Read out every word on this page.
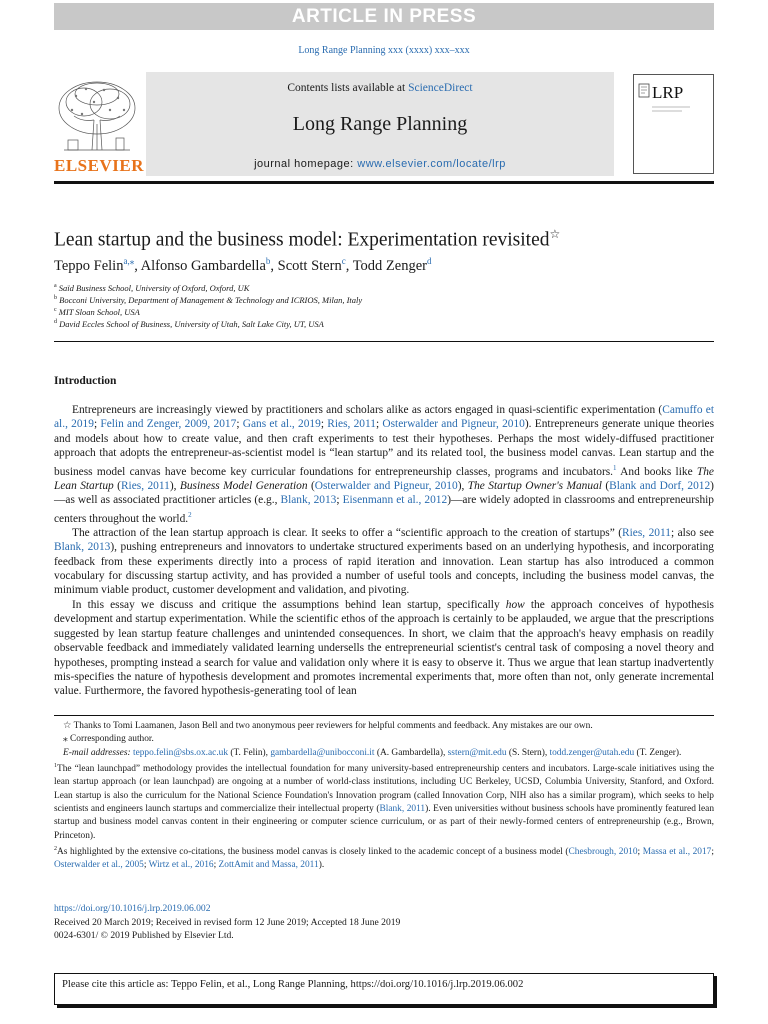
ARTICLE IN PRESS
Long Range Planning xxx (xxxx) xxx–xxx
ELSEVIER
Contents lists available at ScienceDirect
Long Range Planning
journal homepage: www.elsevier.com/locate/lrp
LRP
Lean startup and the business model: Experimentation revisited☆
Teppo Felin$^{a,⁎}$, Alfonso Gambardella$^b$, Scott Stern$^c$, Todd Zenger$^d$
$^a$ Saïd Business School, University of Oxford, Oxford, UK
$^b$ Bocconi University, Department of Management & Technology and ICRIOS, Milan, Italy
$^c$ MIT Sloan School, USA
$^d$ David Eccles School of Business, University of Utah, Salt Lake City, UT, USA
Introduction

Entrepreneurs are increasingly viewed by practitioners and scholars alike as actors engaged in quasi-scientific experimentation (Camuffo et al., 2019; Felin and Zenger, 2009, 2017; Gans et al., 2019; Ries, 2011; Osterwalder and Pigneur, 2010). Entrepreneurs generate unique theories and models about how to create value, and then craft experiments to test their hypotheses. Perhaps the most widely-diffused practitioner approach that adopts the entrepreneur-as-scientist model is “lean startup” and its related tool, the business model canvas. Lean startup and the business model canvas have become key curricular foundations for entrepreneurship classes, programs and incubators.$^1$ And books like The Lean Startup (Ries, 2011), Business Model Generation (Osterwalder and Pigneur, 2010), The Startup Owner's Manual (Blank and Dorf, 2012)—as well as associated practitioner articles (e.g., Blank, 2013; Eisenmann et al., 2012)—are widely adopted in classrooms and entrepreneurship centers throughout the world.$^2$

The attraction of the lean startup approach is clear. It seeks to offer a “scientific approach to the creation of startups” (Ries, 2011; also see Blank, 2013), pushing entrepreneurs and innovators to undertake structured experiments based on an underlying hypothesis, and incorporating feedback from these experiments directly into a process of rapid iteration and innovation. Lean startup has also introduced a common vocabulary for discussing startup activity, and has provided a number of useful tools and concepts, including the business model canvas, the minimum viable product, customer development and validation, and pivoting.

In this essay we discuss and critique the assumptions behind lean startup, specifically how the approach conceives of hypothesis development and startup experimentation. While the scientific ethos of the approach is certainly to be applauded, we argue that the prescriptions suggested by lean startup feature challenges and unintended consequences. In short, we claim that the approach's heavy emphasis on readily observable feedback and immediately validated learning undersells the entrepreneurial scientist's central task of composing a novel theory and hypotheses, prompting instead a search for value and validation only where it is easy to observe it. Thus we argue that lean startup inadvertently mis-specifies the nature of hypothesis development and promotes incremental experiments that, more often than not, only generate incremental value. Furthermore, the favored hypothesis-generating tool of lean

☆ Thanks to Tomi Laamanen, Jason Bell and two anonymous peer reviewers for helpful comments and feedback. Any mistakes are our own.

⁎ Corresponding author.

E-mail addresses: teppo.felin@sbs.ox.ac.uk (T. Felin), gambardella@unibocconi.it (A. Gambardella), sstern@mit.edu (S. Stern), todd.zenger@utah.edu (T. Zenger).

$^1$The “lean launchpad” methodology provides the intellectual foundation for many university-based entrepreneurship centers and incubators. Large-scale initiatives using the lean startup approach (or lean launchpad) are ongoing at a number of world-class institutions, including UC Berkeley, UCSD, Columbia University, Stanford, and Oxford. Lean startup is also the curriculum for the National Science Foundation's Innovation program (called Innovation Corp, NIH also has a similar program), which seeks to help scientists and engineers launch startups and commercialize their intellectual property (Blank, 2011). Even universities without business schools have prominently featured lean startup and business model canvas content in their engineering or computer science curriculum, or as part of their newly-formed centers of entrepreneurship (e.g., Brown, Princeton).

$^2$As highlighted by the extensive co-citations, the business model canvas is closely linked to the academic concept of a business model (Chesbrough, 2010; Massa et al., 2017; Osterwalder et al., 2005; Wirtz et al., 2016; ZottAmit and Massa, 2011).

https://doi.org/10.1016/j.lrp.2019.06.002
Received 20 March 2019; Received in revised form 12 June 2019; Accepted 18 June 2019
0024-6301/ © 2019 Published by Elsevier Ltd.
Please cite this article as: Teppo Felin, et al., Long Range Planning, https://doi.org/10.1016/j.lrp.2019.06.002
